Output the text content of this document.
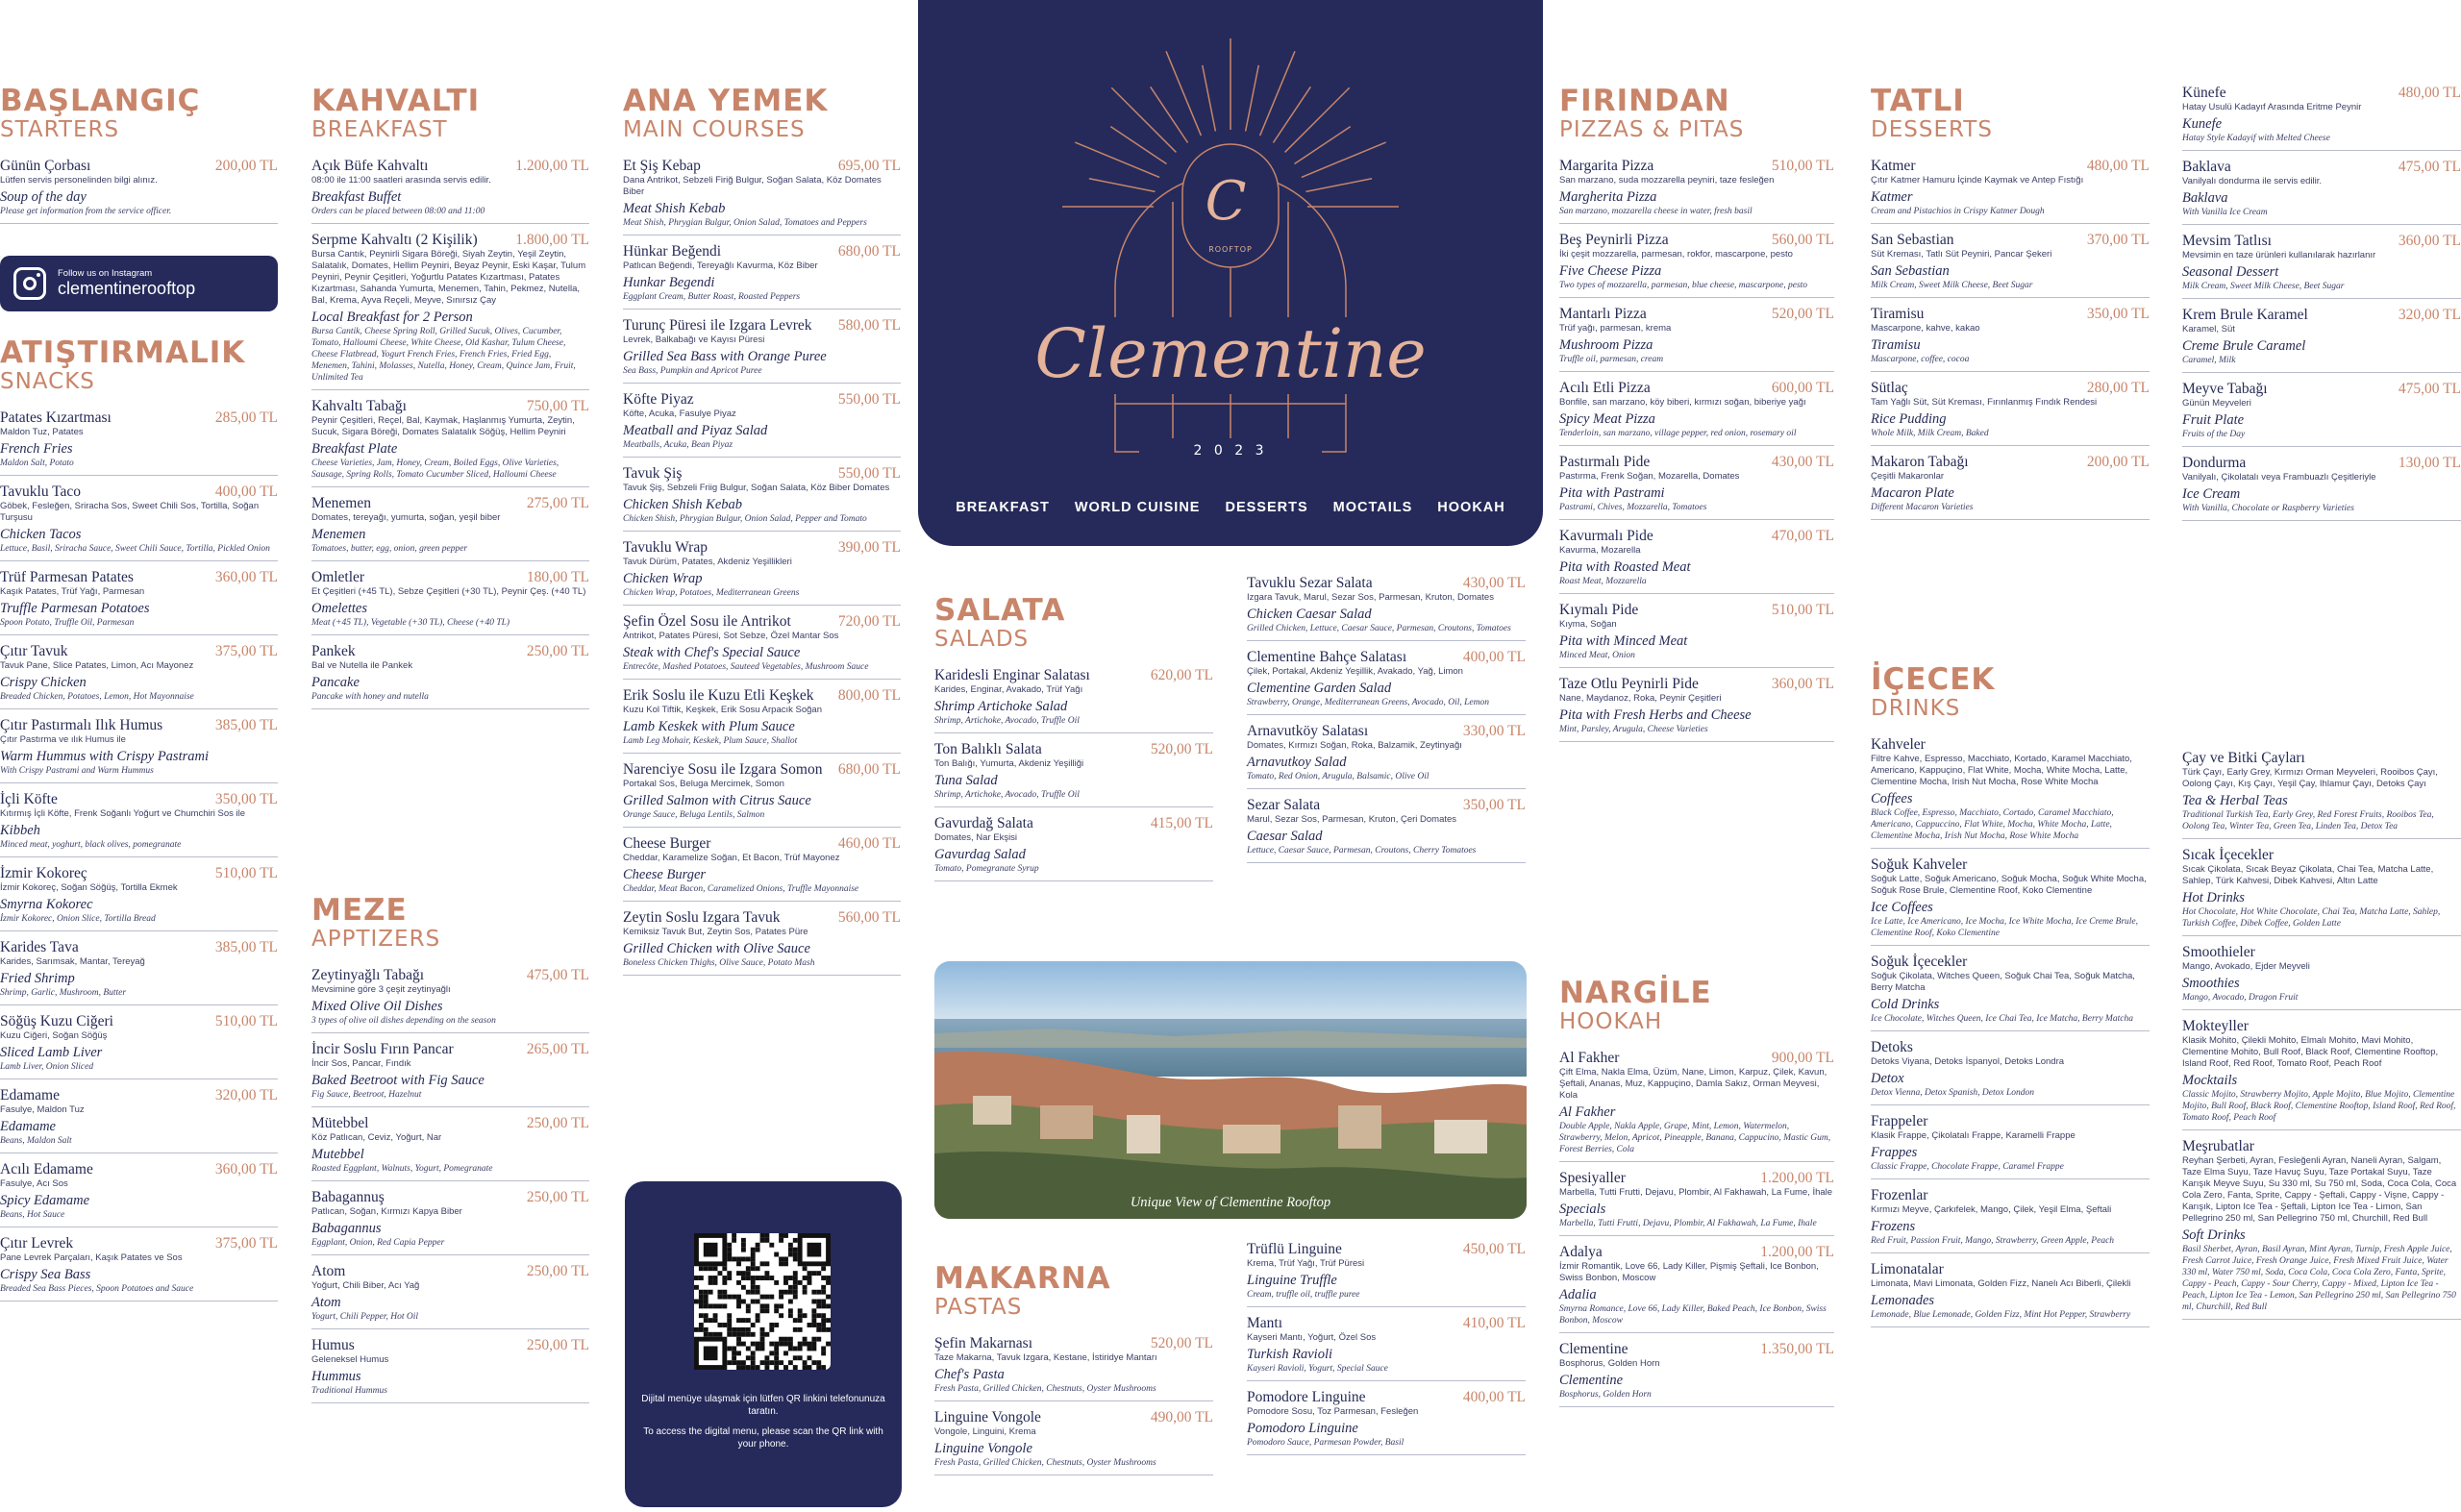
BAŞLANGIÇ
STARTERS
Günün Çorbası	200,00 TL
Lütfen servis personelinden bilgi alınız.
Soup of the day
Please get information from the service officer.
ATIŞTIRMALIK
SNACKS
Patates Kızartması	285,00 TL
Maldon Tuz, Patates
French Fries
Maldon Salt, Potato
Tavuklu Taco	400,00 TL
Göbek, Fesleğen, Sriracha Sos, Sweet Chili Sos, Tortilla, Soğan Turşusu
Chicken Tacos
Lettuce, Basil, Sriracha Sauce, Sweet Chili Sauce, Tortilla, Pickled Onion
Trüf Parmesan Patates	360,00 TL
Kaşık Patates, Trüf Yağı, Parmesan
Truffle Parmesan Potatoes
Spoon Potato, Truffle Oil, Parmesan
Çıtır Tavuk	375,00 TL
Tavuk Pane, Slice Patates, Limon, Acı Mayonez
Crispy Chicken
Breaded Chicken, Potatoes, Lemon, Hot Mayonnaise
Çıtır Pastırmalı Ilık Humus	385,00 TL
Çıtır Pastırma ve ılık Humus ile
Warm Hummus with Crispy Pastrami
With Crispy Pastrami and Warm Hummus
İçli Köfte	350,00 TL
Kıtırmış İçli Köfte, Frenk Soğanlı Yoğurt ve Chumchiri Sos ile
Kibbeh
Minced meat, yoghurt, black olives, pomegranate
İzmir Kokoreç	510,00 TL
İzmir Kokoreç, Soğan Söğüş, Tortilla Ekmek
Smyrna Kokorec
İzmir Kokorec, Onion Slice, Tortilla Bread
Karides Tava	385,00 TL
Karides, Sarımsak, Mantar, Tereyağ
Fried Shrimp
Shrimp, Garlic, Mushroom, Butter
Söğüş Kuzu Ciğeri	510,00 TL
Kuzu Ciğeri, Soğan Söğüş
Sliced Lamb Liver
Lamb Liver, Onion Sliced
Edamame	320,00 TL
Fasulye, Maldon Tuz
Edamame
Beans, Maldon Salt
Acılı Edamame	360,00 TL
Fasulye, Acı Sos
Spicy Edamame
Beans, Hot Sauce
Çıtır Levrek	375,00 TL
Pane Levrek Parçaları, Kaşık Patates ve Sos
Crispy Sea Bass
Breaded Sea Bass Pieces, Spoon Potatoes and Sauce
KAHVALTI
BREAKFAST
Açık Büfe Kahvaltı	1.200,00 TL
08:00 ile 11:00 saatleri arasında servis edilir.
Breakfast Buffet
Orders can be placed between 08:00 and 11:00
Serpme Kahvaltı (2 Kişilik)	1.800,00 TL
Bursa Cantık, Peynirli Sigara Böreği, Siyah Zeytin, Yeşil Zeytin, Salatalık, Domates, Hellim Peyniri, Beyaz Peynir, Eski Kaşar, Tulum Peyniri, Peynir Çeşitleri, Yoğurtlu Patates Kızartması, Patates Kızartması, Sahanda Yumurta, Menemen, Tahin, Pekmez, Nutella, Bal, Krema, Ayva Reçeli, Meyve, Sınırsız Çay
Local Breakfast for 2 Person
Bursa Cantik, Cheese Spring Roll, Grilled Sucuk, Olives, Cucumber, Tomato, Halloumi Cheese, White Cheese, Old Kashar, Tulum Cheese, Cheese Flatbread, Yogurt French Fries, French Fries, Fried Egg, Menemen, Tahini, Molasses, Nutella, Honey, Cream, Quince Jam, Fruit, Unlimited Tea
Kahvaltı Tabağı	750,00 TL
Peynir Çeşitleri, Reçel, Bal, Kaymak, Haşlanmış Yumurta, Zeytin, Sucuk, Sigara Böreği, Domates Salatalık Söğüş, Hellim Peyniri
Breakfast Plate
Cheese Varieties, Jam, Honey, Cream, Boiled Eggs, Olive Varieties, Sausage, Spring Rolls, Tomato Cucumber Sliced, Halloumi Cheese
Menemen	275,00 TL
Domates, tereyağı, yumurta, soğan, yeşil biber
Menemen
Tomatoes, butter, egg, onion, green pepper
Omletler	180,00 TL
Et Çeşitleri (+45 TL), Sebze Çeşitleri (+30 TL), Peynir Çeş. (+40 TL)
Omelettes
Meat (+45 TL), Vegetable (+30 TL), Cheese (+40 TL)
Pankek	250,00 TL
Bal ve Nutella ile Pankek
Pancake
Pancake with honey and nutella
MEZE
APPTIZERS
Zeytinyağlı Tabağı	475,00 TL
Mevsimine göre 3 çeşit zeytinyağlı
Mixed Olive Oil Dishes
3 types of olive oil dishes depending on the season
İncir Soslu Fırın Pancar	265,00 TL
İncir Sos, Pancar, Fındık
Baked Beetroot with Fig Sauce
Fig Sauce, Beetroot, Hazelnut
Mütebbel	250,00 TL
Köz Patlıcan, Ceviz, Yoğurt, Nar
Mutebbel
Roasted Eggplant, Walnuts, Yogurt, Pomegranate
Babagannuş	250,00 TL
Patlıcan, Soğan, Kırmızı Kapya Biber
Babagannus
Eggplant, Onion, Red Capia Pepper
Atom	250,00 TL
Yoğurt, Chili Biber, Acı Yağ
Atom
Yogurt, Chili Pepper, Hot Oil
Humus	250,00 TL
Geleneksel Humus
Hummus
Traditional Hummus
ANA YEMEK
MAIN COURSES
Et Şiş Kebap	695,00 TL
Dana Antrikot, Sebzeli Firiğ Bulgur, Soğan Salata, Köz Domates Biber
Meat Shish Kebab
Meat Shish, Phrygian Bulgur, Onion Salad, Tomatoes and Peppers
Hünkar Beğendi	680,00 TL
Patlıcan Beğendi, Tereyağlı Kavurma, Köz Biber
Hunkar Begendi
Eggplant Cream, Butter Roast, Roasted Peppers
Turunç Püresi ile Izgara Levrek 580,00 TL
Levrek, Balkabağı ve Kayısı Püresi
Grilled Sea Bass with Orange Puree
Sea Bass, Pumpkin and Apricot Puree
Köfte Piyaz	550,00 TL
Köfte, Acuka, Fasulye Piyaz
Meatball and Piyaz Salad
Meatballs, Acuka, Bean Piyaz
Tavuk Şiş	550,00 TL
Tavuk Şiş, Sebzeli Friig Bulgur, Soğan Salata, Köz Biber Domates
Chicken Shish Kebab
Chicken Shish, Phrygian Bulgur, Onion Salad, Pepper and Tomato
Tavuklu Wrap	390,00 TL
Tavuk Dürüm, Patates, Akdeniz Yeşillikleri
Chicken Wrap
Chicken Wrap, Potatoes, Mediterranean Greens
Şefin Özel Sosu ile Antrikot	720,00 TL
Antrikot, Patates Püresi, Sot Sebze, Özel Mantar Sos
Steak with Chef's Special Sauce
Entrecôte, Mashed Potatoes, Sauteed Vegetables, Mushroom Sauce
Erik Soslu ile Kuzu Etli Keşkek 800,00 TL
Kuzu Kol Tiftik, Keşkek, Erik Sosu Arpacık Soğan
Lamb Keskek with Plum Sauce
Lamb Leg Mohair, Keskek, Plum Sauce, Shallot
Narenciye Sosu ile Izgara Somon 680,00 TL
Portakal Sos, Beluga Mercimek, Somon
Grilled Salmon with Citrus Sauce
Orange Sauce, Beluga Lentils, Salmon
Cheese Burger	460,00 TL
Cheddar, Karamelize Soğan, Et Bacon, Trüf Mayonez
Cheese Burger
Cheddar, Meat Bacon, Caramelized Onions, Truffle Mayonnaise
Zeytin Soslu Izgara Tavuk	560,00 TL
Kemiksiz Tavuk But, Zeytin Sos, Patates Püre
Grilled Chicken with Olive Sauce
Boneless Chicken Thighs, Olive Sauce, Potato Mash
SALATA
SALADS
Karidesli Enginar Salatası	620,00 TL
Karides, Enginar, Avakado, Trüf Yağı
Shrimp Artichoke Salad
Shrimp, Artichoke, Avocado, Truffle Oil
Ton Balıklı Salata	520,00 TL
Ton Balığı, Yumurta, Akdeniz Yeşilliği
Tuna Salad
Shrimp, Artichoke, Avocado, Truffle Oil
Gavurdağ Salata	415,00 TL
Domates, Nar Ekşisi
Gavurdag Salad
Tomato, Pomegranate Syrup
Tavuklu Sezar Salata	430,00 TL
Izgara Tavuk, Marul, Sezar Sos, Parmesan, Kruton, Domates
Chicken Caesar Salad
Grilled Chicken, Lettuce, Caesar Sauce, Parmesan, Croutons, Tomatoes
Clementine Bahçe Salatası	400,00 TL
Çilek, Portakal, Akdeniz Yeşillik, Avakado, Yağ, Limon
Clementine Garden Salad
Strawberry, Orange, Mediterranean Greens, Avocado, Oil, Lemon
Arnavutköy Salatası	330,00 TL
Domates, Kırmızı Soğan, Roka, Balzamik, Zeytinyağı
Arnavutkoy Salad
Tomato, Red Onion, Arugula, Balsamic, Olive Oil
Sezar Salata	350,00 TL
Marul, Sezar Sos, Parmesan, Kruton, Çeri Domates
Caesar Salad
Lettuce, Caesar Sauce, Parmesan, Croutons, Cherry Tomatoes
MAKARNA
PASTAS
Şefin Makarnası	520,00 TL
Taze Makarna, Tavuk Izgara, Kestane, İstiridye Mantarı
Chef's Pasta
Fresh Pasta, Grilled Chicken, Chestnuts, Oyster Mushrooms
Linguine Vongole	490,00 TL
Vongole, Linguini, Krema
Linguine Vongole
Fresh Pasta, Grilled Chicken, Chestnuts, Oyster Mushrooms
Trüflü Linguine	450,00 TL
Krema, Trüf Yağı, Trüf Püresi
Linguine Truffle
Cream, truffle oil, truffle puree
Mantı	410,00 TL
Kayseri Mantı, Yoğurt, Özel Sos
Turkish Ravioli
Kayseri Ravioli, Yogurt, Special Sauce
Pomodore Linguine	400,00 TL
Pomodore Sosu, Toz Parmesan, Fesleğen
Pomodoro Linguine
Pomodoro Sauce, Parmesan Powder, Basil
FIRINDAN
PIZZAS & PITAS
Margarita Pizza	510,00 TL
San marzano, suda mozzarella peyniri, taze fesleğen
Margherita Pizza
San marzano, mozzarella cheese in water, fresh basil
Beş Peynirli Pizza	560,00 TL
İki çeşit mozzarella, parmesan, rokfor, mascarpone, pesto
Five Cheese Pizza
Two types of mozzarella, parmesan, blue cheese, mascarpone, pesto
Mantarlı Pizza	520,00 TL
Trüf yağı, parmesan, krema
Mushroom Pizza
Truffle oil, parmesan, cream
Acılı Etli Pizza	600,00 TL
Bonfile, san marzano, köy biberi, kırmızı soğan, biberiye yağı
Spicy Meat Pizza
Tenderloin, san marzano, village pepper, red onion, rosemary oil
Pastırmalı Pide	430,00 TL
Pastırma, Frenk Soğan, Mozarella, Domates
Pita with Pastrami
Pastrami, Chives, Mozzarella, Tomatoes
Kavurmalı Pide	470,00 TL
Kavurma, Mozarella
Pita with Roasted Meat
Roast Meat, Mozzarella
Kıymalı Pide	510,00 TL
Kıyma, Soğan
Pita with Minced Meat
Minced Meat, Onion
Taze Otlu Peynirli Pide	360,00 TL
Nane, Maydanoz, Roka, Peynir Çeşitleri
Pita with Fresh Herbs and Cheese
Mint, Parsley, Arugula, Cheese Varieties
NARGİLE
HOOKAH
Al Fakher	900,00 TL
Çift Elma, Nakla Elma, Üzüm, Nane, Limon, Karpuz, Çilek, Kavun, Şeftali, Ananas, Muz, Kappuçino, Damla Sakız, Orman Meyvesi, Kola
Al Fakher
Double Apple, Nakla Apple, Grape, Mint, Lemon, Watermelon, Strawberry, Melon, Apricot, Pineapple, Banana, Cappucino, Mastic Gum, Forest Berries, Cola
Spesiyaller	1.200,00 TL
Marbella, Tutti Frutti, Dejavu, Plombir, Al Fakhawah, La Fume, İhale
Specials
Marbella, Tutti Frutti, Dejavu, Plombir, Al Fakhawah, La Fume, Ihale
Adalya	1.200,00 TL
İzmir Romantik, Love 66, Lady Killer, Pişmiş Şeftali, Ice Bonbon, Swiss Bonbon, Moscow
Adalia
Smyrna Romance, Love 66, Lady Killer, Baked Peach, Ice Bonbon, Swiss Bonbon, Moscow
Clementine	1.350,00 TL
Bosphorus, Golden Horn
Clementine
Bosphorus, Golden Horn
TATLI
DESSERTS
Katmer	480,00 TL
Çıtır Katmer Hamuru İçinde Kaymak ve Antep Fıstığı
Katmer
Cream and Pistachios in Crispy Katmer Dough
San Sebastian	370,00 TL
Süt Kreması, Tatlı Süt Peyniri, Pancar Şekeri
San Sebastian
Milk Cream, Sweet Milk Cheese, Beet Sugar
Tiramisu	350,00 TL
Mascarpone, kahve, kakao
Tiramisu
Mascarpone, coffee, cocoa
Sütlaç	280,00 TL
Tam Yağlı Süt, Süt Kreması, Fırınlanmış Fındık Rendesi
Rice Pudding
Whole Milk, Milk Cream, Baked
Makaron Tabağı	200,00 TL
Çeşitli Makaronlar
Macaron Plate
Different Macaron Varieties
İÇECEK
DRINKS
Kahveler
Filtre Kahve, Espresso, Macchiato, Kortado, Karamel Macchiato, Americano, Kappuçino, Flat White, Mocha, White Mocha, Latte, Clementine Mocha, Irish Nut Mocha, Rose White Mocha
Coffees
Black Coffee, Espresso, Macchiato, Cortado, Caramel Macchiato, Americano, Cappuccino, Flat White, Mocha, White Mocha, Latte, Clementine Mocha, Irish Nut Mocha, Rose White Mocha
Soğuk Kahveler
Soğuk Latte, Soğuk Americano, Soğuk Mocha, Soğuk White Mocha, Soğuk Rose Brule, Clementine Roof, Koko Clementine
Ice Coffees
Ice Latte, Ice Americano, Ice Mocha, Ice White Mocha, Ice Creme Brule, Clementine Roof, Koko Clementine
Soğuk İçecekler
Soğuk Çikolata, Witches Queen, Soğuk Chai Tea, Soğuk Matcha, Berry Matcha
Cold Drinks
Ice Chocolate, Witches Queen, Ice Chai Tea, Ice Matcha, Berry Matcha
Detoks
Detoks Viyana, Detoks İspanyol, Detoks Londra
Detox
Detox Vienna, Detox Spanish, Detox London
Frappeler
Klasik Frappe, Çikolatalı Frappe, Karamelli Frappe
Frappes
Classic Frappe, Chocolate Frappe, Caramel Frappe
Frozenlar
Kırmızı Meyve, Çarkıfelek, Mango, Çilek, Yeşil Elma, Şeftali
Frozens
Red Fruit, Passion Fruit, Mango, Strawberry, Green Apple, Peach
Limonatalar
Limonata, Mavi Limonata, Golden Fizz, Nanelı Acı Biberli, Çilekli
Lemonades
Lemonade, Blue Lemonade, Golden Fizz, Mint Hot Pepper, Strawberry
Künefe	480,00 TL
Hatay Usulü Kadayıf Arasında Eritme Peynir
Kunefe
Hatay Style Kadayif with Melted Cheese
Baklava	475,00 TL
Vanilyalı dondurma ile servis edilir.
Baklava
With Vanilla Ice Cream
Mevsim Tatlısı	360,00 TL
Mevsimin en taze ürünleri kullanılarak hazırlanır
Seasonal Dessert
Milk Cream, Sweet Milk Cheese, Beet Sugar
Krem Brule Karamel	320,00 TL
Karamel, Süt
Creme Brule Caramel
Caramel, Milk
Meyve Tabağı	475,00 TL
Günün Meyveleri
Fruit Plate
Fruits of the Day
Dondurma	130,00 TL
Vanilyalı, Çikolatalı veya Frambuazlı Çeşitleriyle
Ice Cream
With Vanilla, Chocolate or Raspberry Varieties
Çay ve Bitki Çayları
Türk Çayı, Early Grey, Kırmızı Orman Meyveleri, Rooibos Çayı, Oolong Çayı, Kış Çayı, Yeşil Çay, Ihlamur Çayı, Detoks Çayı
Tea & Herbal Teas
Traditional Turkish Tea, Early Grey, Red Forest Fruits, Rooibos Tea, Oolong Tea, Winter Tea, Green Tea, Linden Tea, Detox Tea
Sıcak İçecekler
Sıcak Çikolata, Sıcak Beyaz Çikolata, Chai Tea, Matcha Latte, Sahlep, Türk Kahvesi, Dibek Kahvesi, Altın Latte
Hot Drinks
Hot Chocolate, Hot White Chocolate, Chai Tea, Matcha Latte, Sahlep, Turkish Coffee, Dibek Coffee, Golden Latte
Smoothieler
Mango, Avokado, Ejder Meyveli
Smoothies
Mango, Avocado, Dragon Fruit
Mokteyller
Klasik Mohito, Çilekli Mohito, Elmalı Mohito, Mavi Mohito, Clementine Mohito, Bull Roof, Black Roof, Clementine Rooftop, Island Roof, Red Roof, Tomato Roof, Peach Roof
Mocktails
Classic Mojito, Strawberry Mojito, Apple Mojito, Blue Mojito, Clementine Mojito, Bull Roof, Black Roof, Clementine Rooftop, Island Roof, Red Roof, Tomato Roof, Peach Roof
Meşrubatlar
Reyhan Şerbeti, Ayran, Fesleğenli Ayran, Naneli Ayran, Salgam, Taze Elma Suyu, Taze Havuç Suyu, Taze Portakal Suyu, Taze Karışık Meyve Suyu, Su 330 ml, Su 750 ml, Soda, Coca Cola, Coca Cola Zero, Fanta, Sprite, Cappy - Şeftali, Cappy - Vişne, Cappy - Karışık, Lipton Ice Tea - Şeftali, Lipton Ice Tea - Limon, San Pellegrino 250 ml, San Pellegrino 750 ml, Churchill, Red Bull
Soft Drinks
Basil Sherbet, Ayran, Basil Ayran, Mint Ayran, Turnip, Fresh Apple Juice, Fresh Carrot Juice, Fresh Orange Juice, Fresh Mixed Fruit Juice, Water 330 ml, Water 750 ml, Soda, Coca Cola, Coca Cola Zero, Fanta, Sprite, Cappy - Peach, Cappy - Sour Cherry, Cappy - Mixed, Lipton Ice Tea - Peach, Lipton Ice Tea - Lemon, San Pellegrino 250 ml, San Pellegrino 750 ml, Churchill, Red Bull
Follow us on Instagram
clementinerooftop
C
Clementine
ROOFTOP
2 0 2 3
BREAKFAST WORLD CUISINE DESSERTS MOCTAILS HOOKAH
Unique View of Clementine Rooftop
Dijital menüye ulaşmak için lütfen QR linkini telefonunuza taratın.
To access the digital menu, please scan the QR link with your phone.
